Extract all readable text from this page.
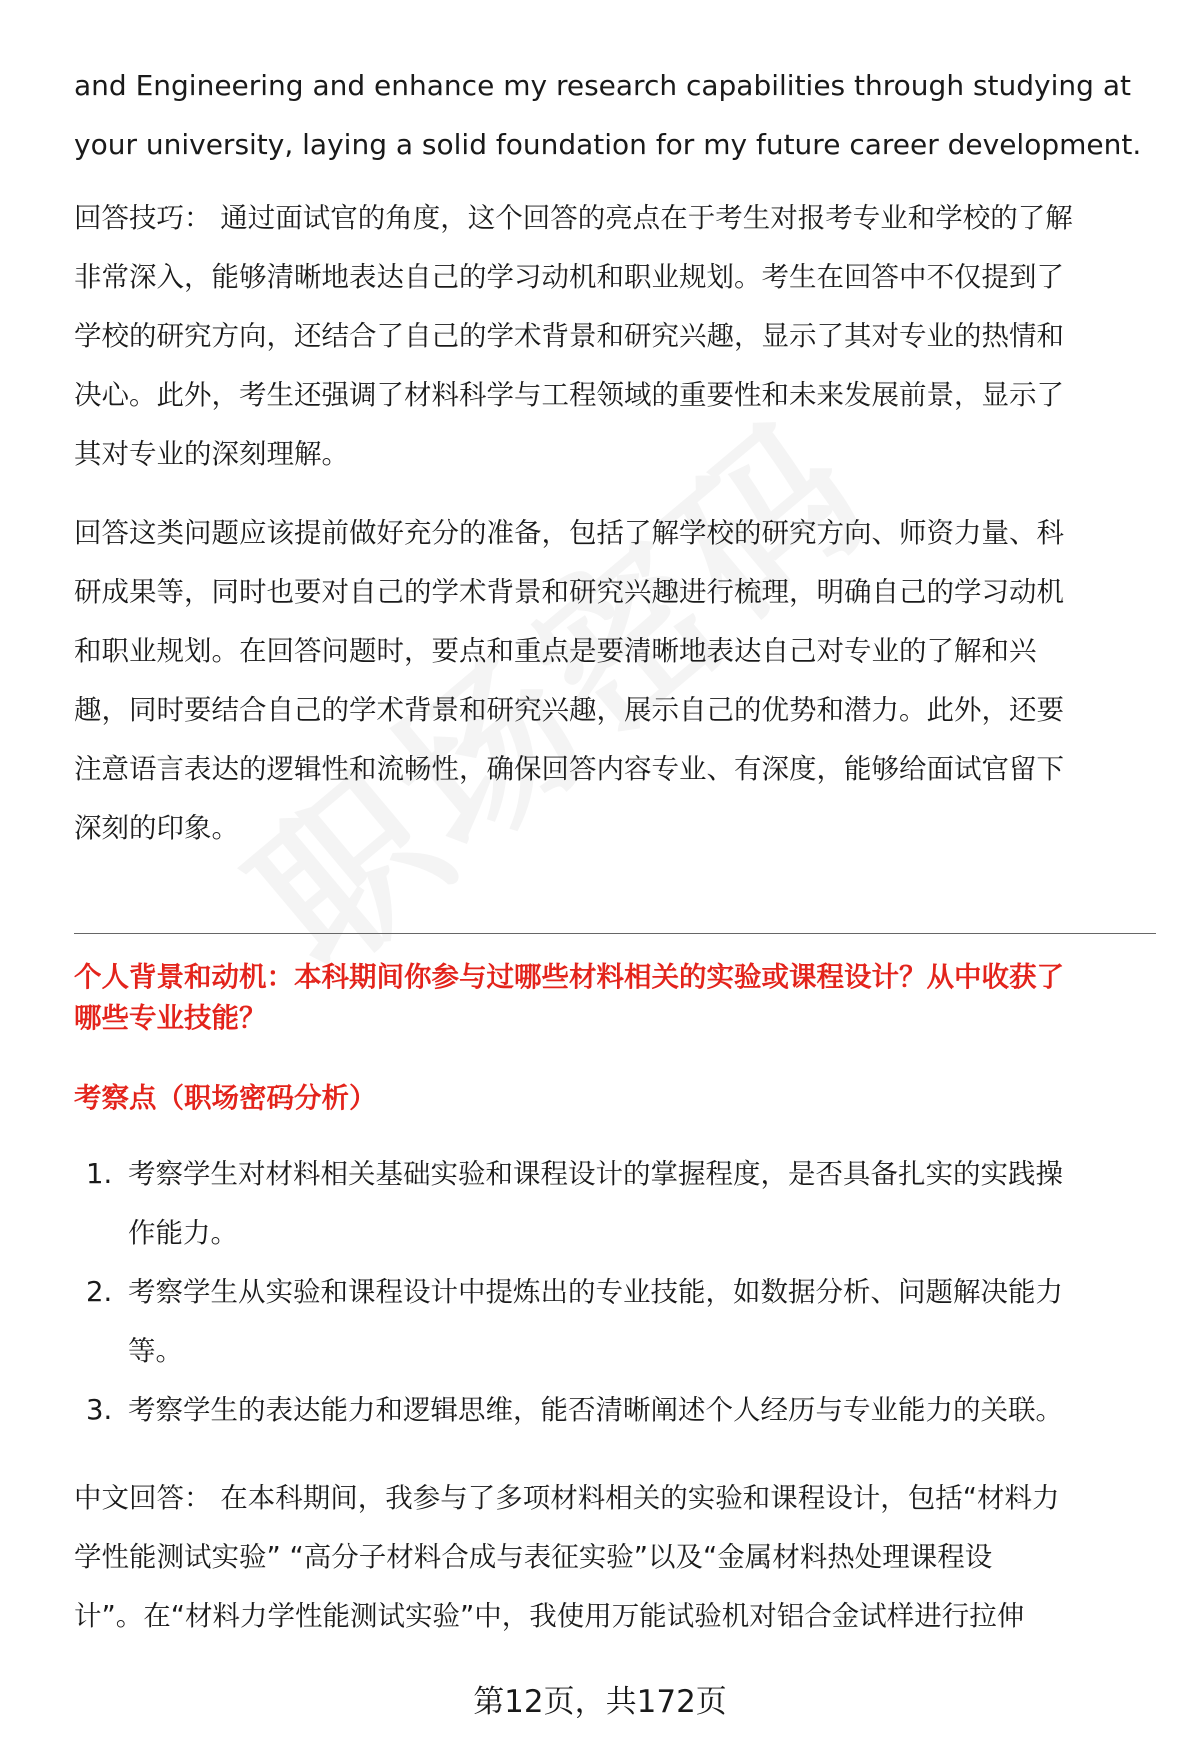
and Engineering and enhance my research capabilities through studying at

your university, laying a solid foundation for my future career development.

回答技巧： 通过面试官的角度，这个回答的亮点在于考生对报考专业和学校的了解

非常深入，能够清晰地表达自己的学习动机和职业规划。考生在回答中不仅提到了

学校的研究方向，还结合了自己的学术背景和研究兴趣，显示了其对专业的热情和

决心。此外，考生还强调了材料科学与工程领域的重要性和未来发展前景，显示了

其对专业的深刻理解。

回答这类问题应该提前做好充分的准备，包括了解学校的研究方向、师资力量、科

研成果等，同时也要对自己的学术背景和研究兴趣进行梳理，明确自己的学习动机

和职业规划。在回答问题时，要点和重点是要清晰地表达自己对专业的了解和兴

趣，同时要结合自己的学术背景和研究兴趣，展示自己的优势和潜力。此外，还要

注意语言表达的逻辑性和流畅性，确保回答内容专业、有深度，能够给面试官留下

深刻的印象。

个人背景和动机：本科期间你参与过哪些材料相关的实验或课程设计？从中收获了
哪些专业技能？
考察点（职场密码分析）
1. 考察学生对材料相关基础实验和课程设计的掌握程度，是否具备扎实的实践操
作能力。
2. 考察学生从实验和课程设计中提炼出的专业技能，如数据分析、问题解决能力
等。
3. 考察学生的表达能力和逻辑思维，能否清晰阐述个人经历与专业能力的关联。

中文回答： 在本科期间，我参与了多项材料相关的实验和课程设计，包括“材料力

学性能测试实验” “高分子材料合成与表征实验”以及“金属材料热处理课程设

计”。在“材料力学性能测试实验”中，我使用万能试验机对铝合金试样进行拉伸

第12页，共172页
